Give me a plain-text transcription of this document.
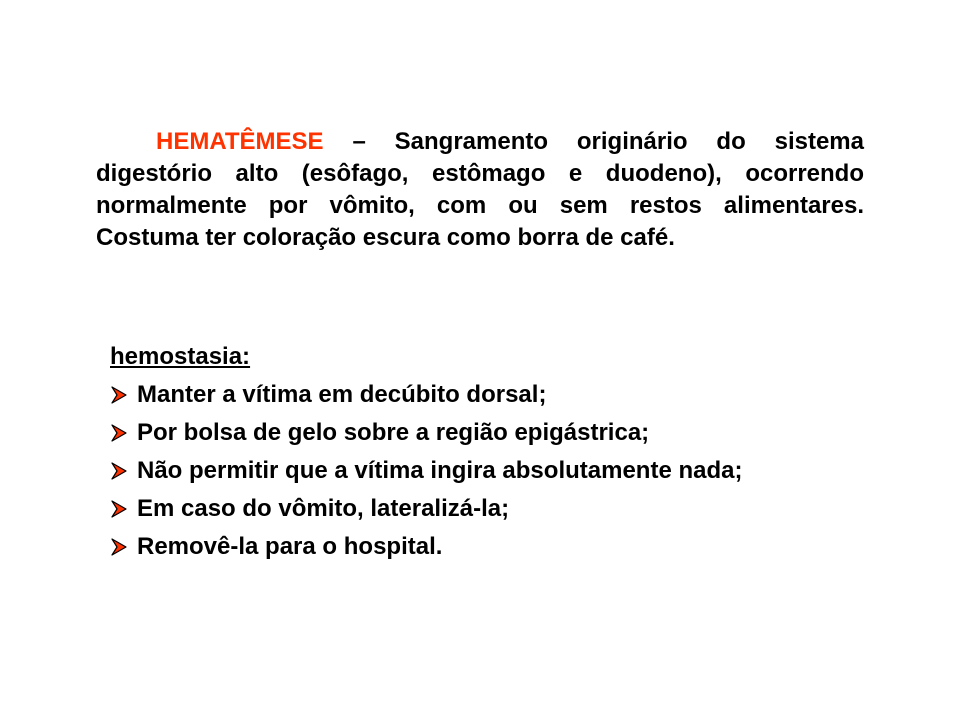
HEMATÊMESE – Sangramento originário do sistema digestório alto (esôfago, estômago e duodeno), ocorrendo normalmente por vômito, com ou sem restos alimentares. Costuma ter coloração escura como borra de café.

hemostasia:

Manter a vítima em decúbito dorsal;
Por bolsa de gelo sobre a região epigástrica;
Não permitir que a vítima ingira absolutamente nada;
Em caso do vômito, lateralizá-la;
Removê-la para o hospital.
